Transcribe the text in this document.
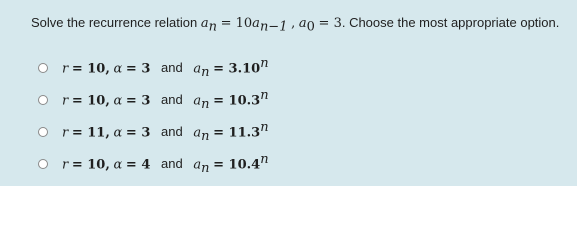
Solve the recurrence relation $a_n = 10a_{n-1}$ , $a_0 = 3$. Choose the most appropriate option.
r = 10, α = 3 and $a_n = 3.10^n$
r = 10, α = 3 and $a_n = 10.3^n$
r = 11, α = 3 and $a_n = 11.3^n$
r = 10, α = 4 and $a_n = 10.4^n$
